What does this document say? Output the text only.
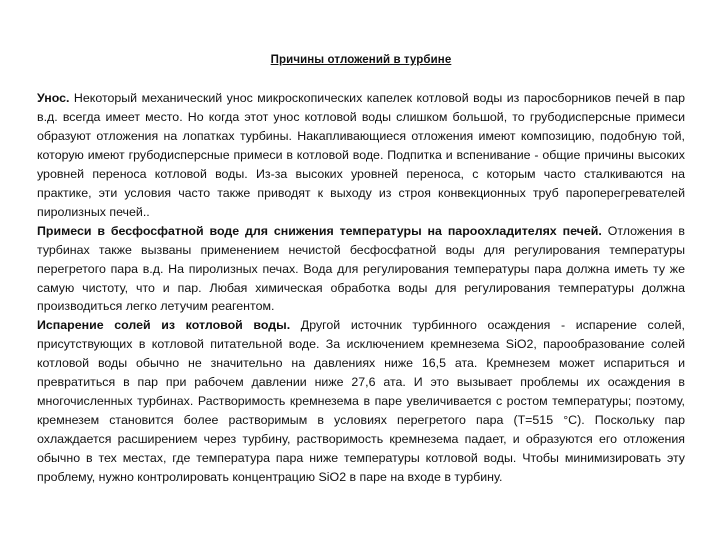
Причины отложений в турбине

Унос. Некоторый механический унос микроскопических капелек котловой воды из паросборников печей в пар в.д. всегда имеет место. Но когда этот унос котловой воды слишком большой, то грубодисперсные примеси образуют отложения на лопатках турбины. Накапливающиеся отложения имеют композицию, подобную той, которую имеют грубодисперсные примеси в котловой воде. Подпитка и вспенивание - общие причины высоких уровней переноса котловой воды. Из-за высоких уровней переноса, с которым часто сталкиваются на практике, эти условия часто также приводят к выходу из строя конвекционных труб пароперегревателей пиролизных печей..

Примеси в бесфосфатной воде для снижения температуры на пароохладителях печей. Отложения в турбинах также вызваны применением нечистой бесфосфатной воды для регулирования температуры перегретого пара в.д. На пиролизных печах. Вода для регулирования температуры пара должна иметь ту же самую чистоту, что и пар. Любая химическая обработка воды для регулирования температуры должна производиться легко летучим реагентом.

Испарение солей из котловой воды. Другой источник турбинного осаждения - испарение солей, присутствующих в котловой питательной воде. За исключением кремнезема SiO2, парообразование солей котловой воды обычно не значительно на давлениях ниже 16,5 ата. Кремнезем может испариться и превратиться в пар при рабочем давлении ниже 27,6 ата. И это вызывает проблемы их осаждения в многочисленных турбинах. Растворимость кремнезема в паре увеличивается с ростом температуры; поэтому, кремнезем становится более растворимым в условиях перегретого пара (T=515 °C). Поскольку пар охлаждается расширением через турбину, растворимость кремнезема падает, и образуются его отложения обычно в тех местах, где температура пара ниже температуры котловой воды. Чтобы минимизировать эту проблему, нужно контролировать концентрацию SiO2 в паре на входе в турбину.
